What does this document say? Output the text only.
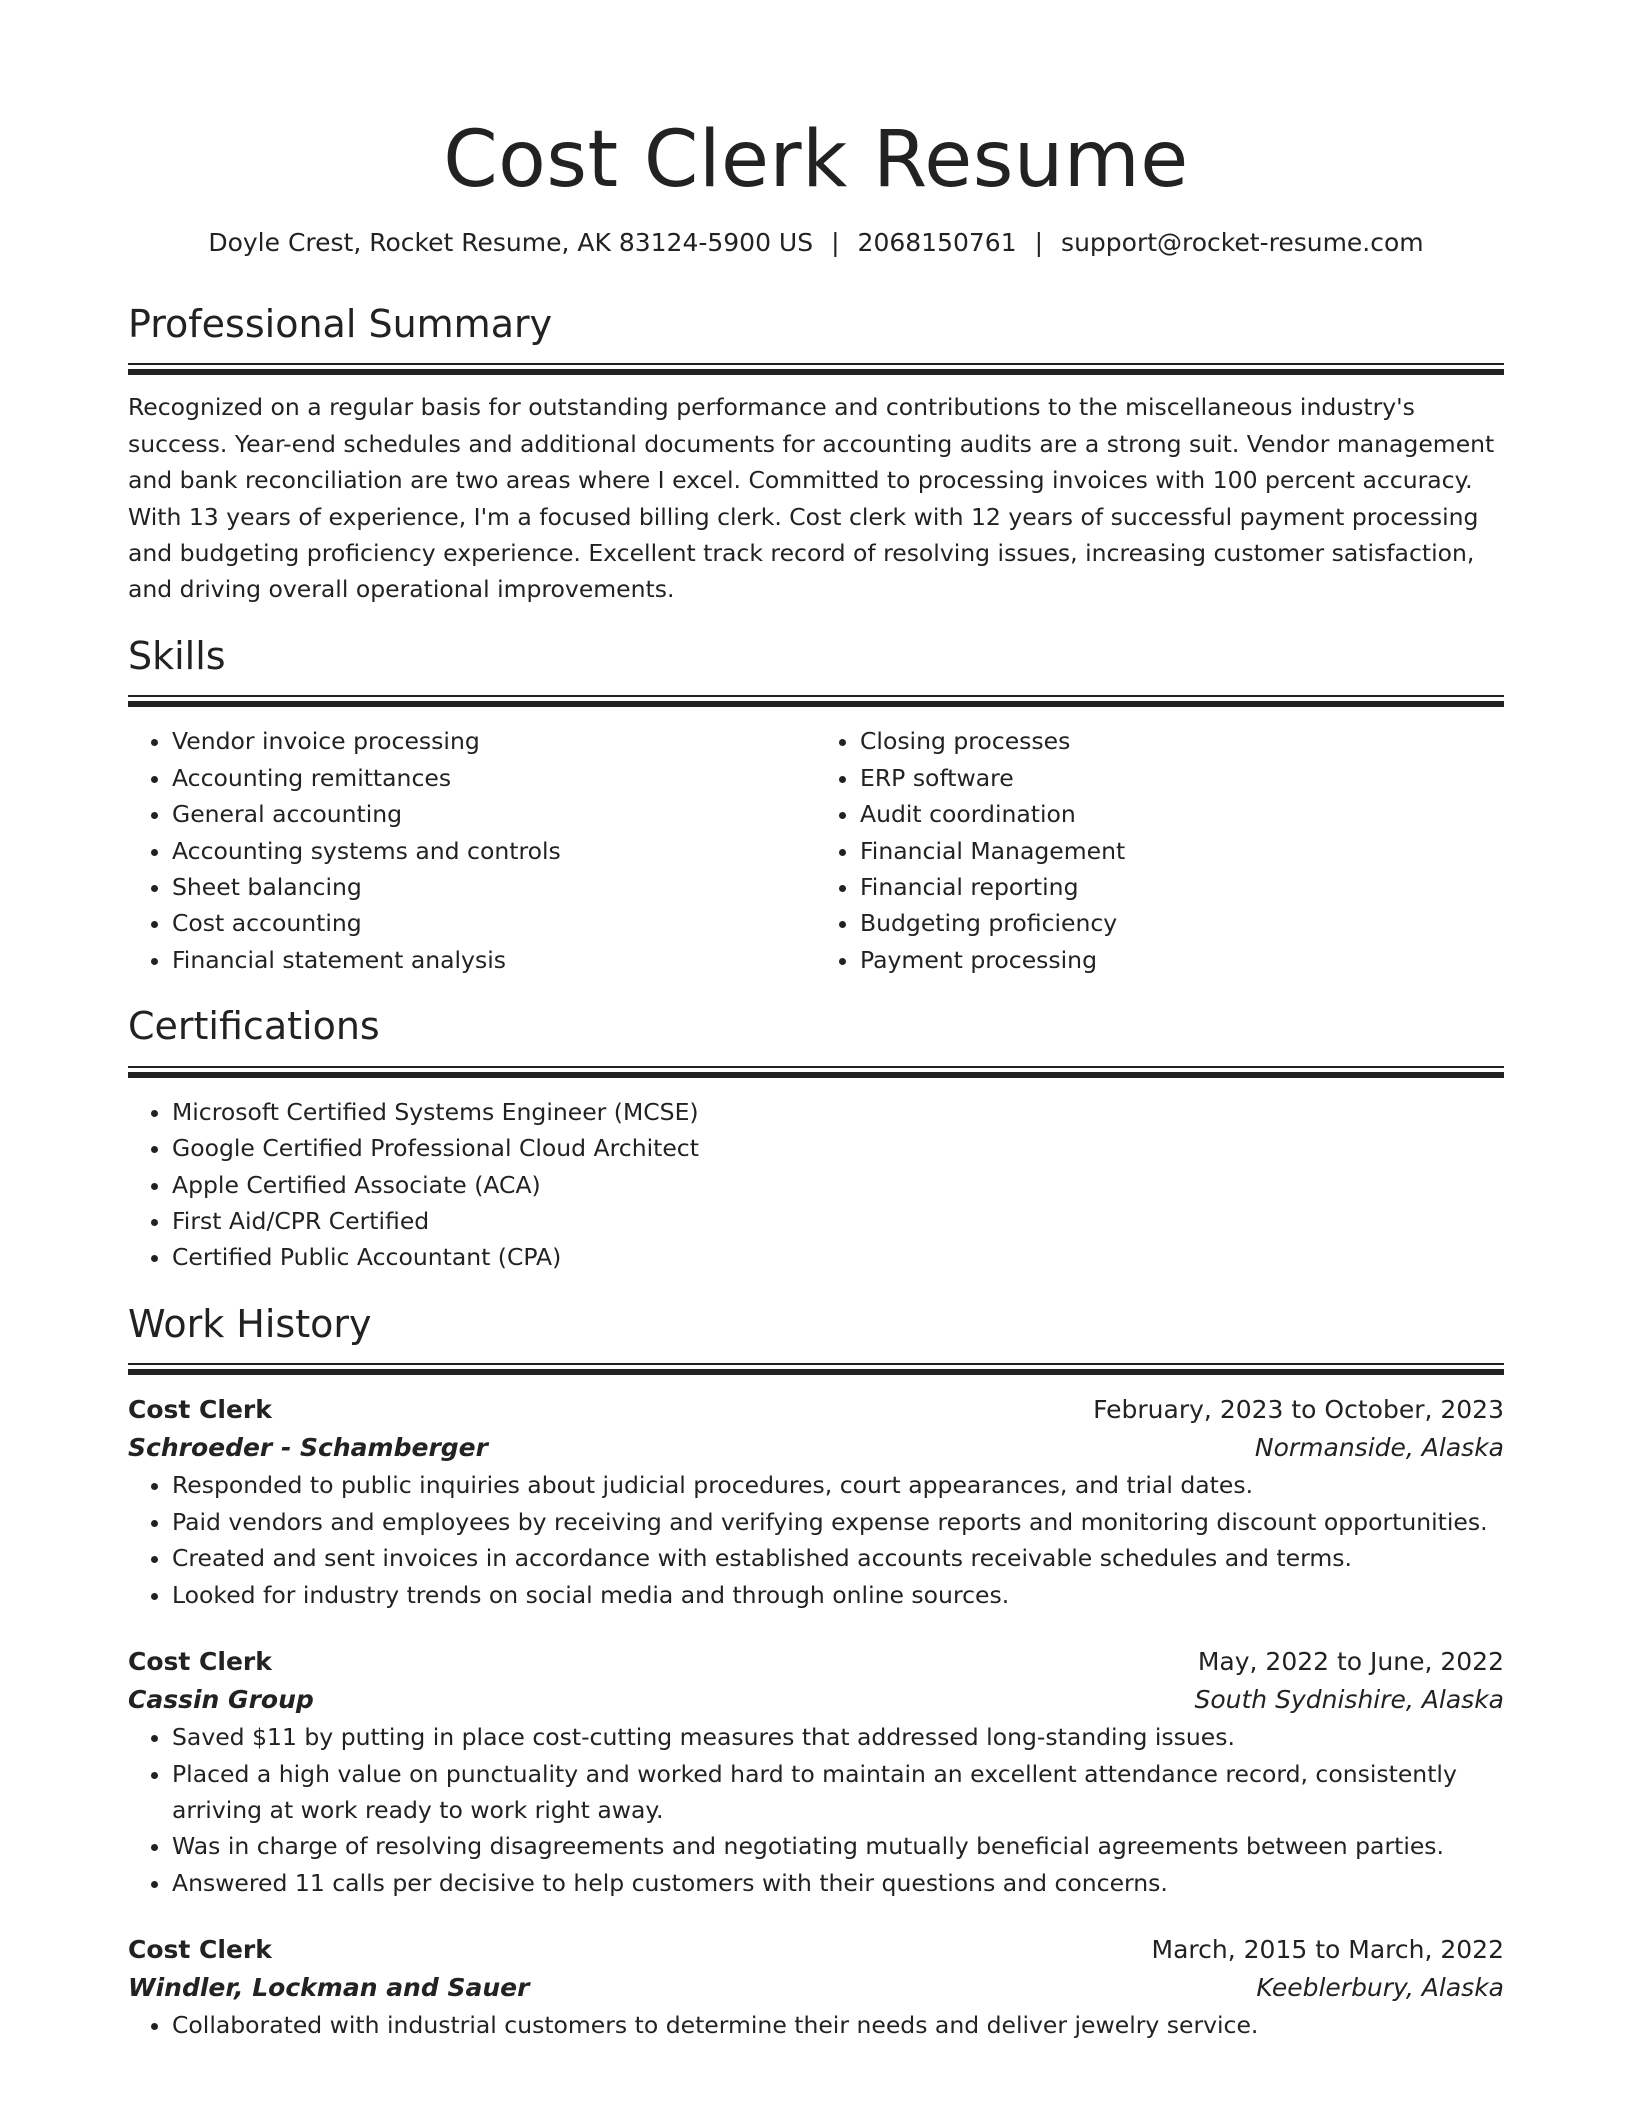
Cost Clerk Resume
Doyle Crest, Rocket Resume, AK 83124-5900 US | 2068150761 | support@rocket-resume.com
Professional Summary

Recognized on a regular basis for outstanding performance and contributions to the miscellaneous industry's success. Year-end schedules and additional documents for accounting audits are a strong suit. Vendor management and bank reconciliation are two areas where I excel. Committed to processing invoices with 100 percent accuracy. With 13 years of experience, I'm a focused billing clerk. Cost clerk with 12 years of successful payment processing and budgeting proficiency experience. Excellent track record of resolving issues, increasing customer satisfaction, and driving overall operational improvements.

Skills
• Vendor invoice processing
• Accounting remittances
• General accounting
• Accounting systems and controls
• Sheet balancing
• Cost accounting
• Financial statement analysis
• Closing processes
• ERP software
• Audit coordination
• Financial Management
• Financial reporting
• Budgeting proficiency
• Payment processing
Certifications
• Microsoft Certified Systems Engineer (MCSE)
• Google Certified Professional Cloud Architect
• Apple Certified Associate (ACA)
• First Aid/CPR Certified
• Certified Public Accountant (CPA)
Work History
Cost Clerk	February, 2023 to October, 2023
Schroeder - Schamberger	Normanside, Alaska
• Responded to public inquiries about judicial procedures, court appearances, and trial dates.
• Paid vendors and employees by receiving and verifying expense reports and monitoring discount opportunities.
• Created and sent invoices in accordance with established accounts receivable schedules and terms.
• Looked for industry trends on social media and through online sources.
Cost Clerk	May, 2022 to June, 2022
Cassin Group	South Sydnishire, Alaska
• Saved $11 by putting in place cost-cutting measures that addressed long-standing issues.
• Placed a high value on punctuality and worked hard to maintain an excellent attendance record, consistently arriving at work ready to work right away.
• Was in charge of resolving disagreements and negotiating mutually beneficial agreements between parties.
• Answered 11 calls per decisive to help customers with their questions and concerns.
Cost Clerk	March, 2015 to March, 2022
Windler, Lockman and Sauer	Keeblerbury, Alaska
• Collaborated with industrial customers to determine their needs and deliver jewelry service.
